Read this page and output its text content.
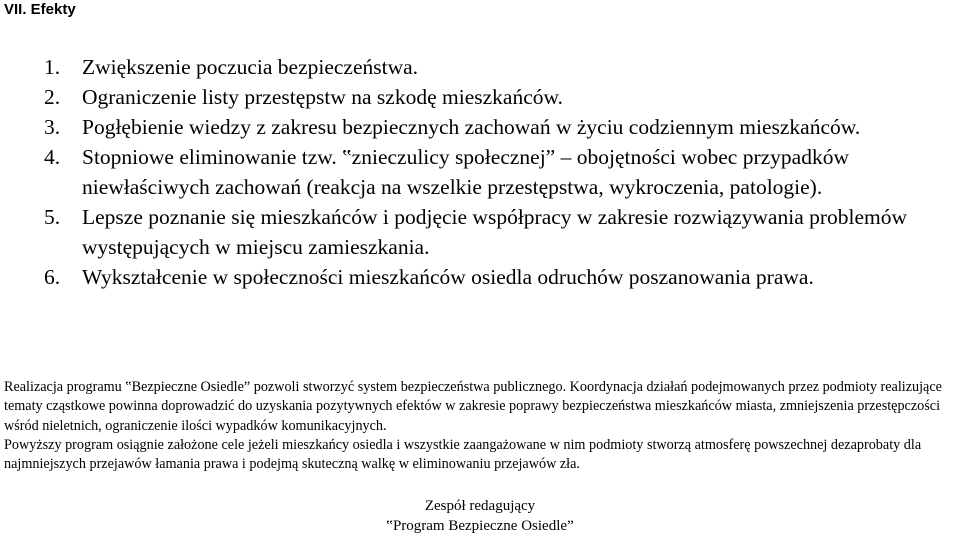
VII. Efekty
1. Zwiększenie poczucia bezpieczeństwa.
2. Ograniczenie listy przestępstw na szkodę mieszkańców.
3. Pogłębienie wiedzy z zakresu bezpiecznych zachowań w życiu codziennym mieszkańców.
4. Stopniowe eliminowanie tzw. ‟znieczulicy społecznej” – obojętności wobec przypadków niewłaściwych zachowań (reakcja na wszelkie przestępstwa, wykroczenia, patologie).
5. Lepsze poznanie się mieszkańców i podjęcie współpracy w zakresie rozwiązywania problemów występujących w miejscu zamieszkania.
6. Wykształcenie w społeczności mieszkańców osiedla odruchów poszanowania prawa.

Realizacja programu ‟Bezpieczne Osiedle” pozwoli stworzyć system bezpieczeństwa publicznego. Koordynacja działań podejmowanych przez podmioty realizujące tematy cząstkowe powinna doprowadzić do uzyskania pozytywnych efektów w zakresie poprawy bezpieczeństwa mieszkańców miasta, zmniejszenia przestępczości wśród nieletnich, ograniczenie ilości wypadków komunikacyjnych.

Powyższy program osiągnie założone cele jeżeli mieszkańcy osiedla i wszystkie zaangażowane w nim podmioty stworzą atmosferę powszechnej dezaprobaty dla najmniejszych przejawów łamania prawa i podejmą skuteczną walkę w eliminowaniu przejawów zła.

Zespół redagujący
‟Program Bezpieczne Osiedle”
